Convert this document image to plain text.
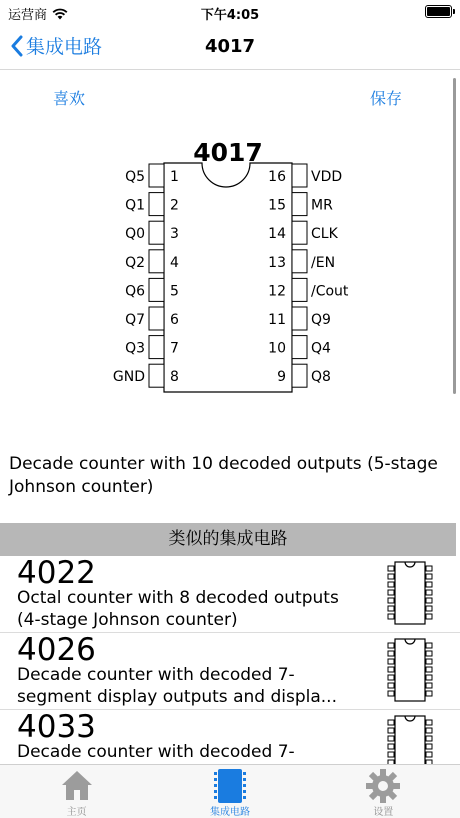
运营商	下午4:05
集成电路	4017
喜欢	保存
4017
Q5 1
Q1 2
Q0 3
Q2 4
Q6 5
Q7 6
Q3 7
GND 8
16 VDD
15 MR
14 CLK
13 /EN
12 /Cout
11 Q9
10 Q4
9 Q8
Decade counter with 10 decoded outputs (5-stage Johnson counter)
类似的集成电路
4022
Octal counter with 8 decoded outputs (4-stage Johnson counter)
4026
Decade counter with decoded 7-segment display outputs and displa...
4033
Decade counter with decoded 7-
主页	集成电路	设置
